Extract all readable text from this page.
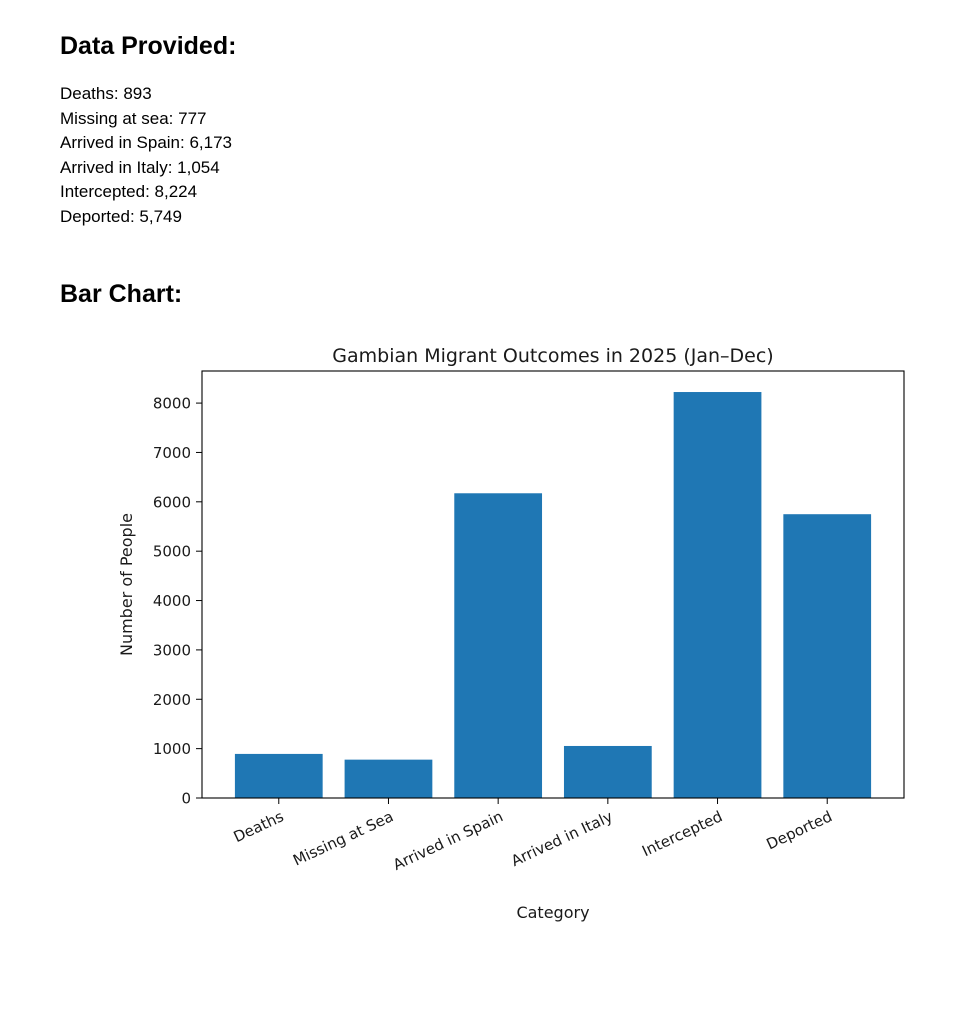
Data Provided:
Deaths: 893
Missing at sea: 777
Arrived in Spain: 6,173
Arrived in Italy: 1,054
Intercepted: 8,224
Deported: 5,749
Bar Chart:
Gambian Migrant Outcomes in 2025 (Jan–Dec)
0
1000
2000
3000
4000
5000
6000
7000
8000
Deaths Missing at Sea
Arrived in Spain Arrived in Italy Intercepted	Deported
Category
Number of People
